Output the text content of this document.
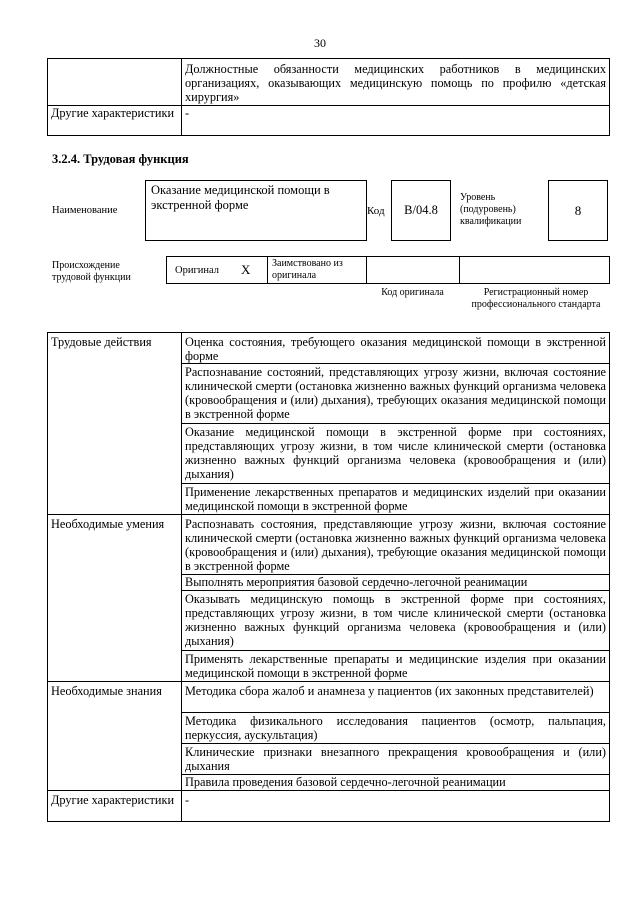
30
	Должностные обязанности медицинских работников в медицинских организациях, оказывающих медицинскую помощь по профилю «детская хирургия»
Другие характеристики	-
3.2.4. Трудовая функция
Наименование
Оказание медицинской помощи в экстренной форме	Код B/04.8
Уровень (подуровень) квалификации
8
Происхождение трудовой функции
Оригинал X Заимствовано из оригинала
Код оригинала	Регистрационный номер профессионального стандарта
Трудовые действия	Оценка состояния, требующего оказания медицинской помощи в экстренной форме
	Распознавание состояний, представляющих угрозу жизни, включая состояние клинической смерти (остановка жизненно важных функций организма человека (кровообращения и (или) дыхания), требующих оказания медицинской помощи в экстренной форме
	Оказание медицинской помощи в экстренной форме при состояниях, представляющих угрозу жизни, в том числе клинической смерти (остановка жизненно важных функций организма человека (кровообращения и (или) дыхания)
	Применение лекарственных препаратов и медицинских изделий при оказании медицинской помощи в экстренной форме
Необходимые умения	Распознавать состояния, представляющие угрозу жизни, включая состояние клинической смерти (остановка жизненно важных функций организма человека (кровообращения и (или) дыхания), требующие оказания медицинской помощи в экстренной форме
	Выполнять мероприятия базовой сердечно-легочной реанимации
	Оказывать медицинскую помощь в экстренной форме при состояниях, представляющих угрозу жизни, в том числе клинической смерти (остановка жизненно важных функций организма человека (кровообращения и (или) дыхания)
	Применять лекарственные препараты и медицинские изделия при оказании медицинской помощи в экстренной форме
Необходимые знания	Методика сбора жалоб и анамнеза у пациентов (их законных представителей)
	Методика физикального исследования пациентов (осмотр, пальпация, перкуссия, аускультация)
	Клинические признаки внезапного прекращения кровообращения и (или) дыхания
	Правила проведения базовой сердечно-легочной реанимации
Другие характеристики	-
